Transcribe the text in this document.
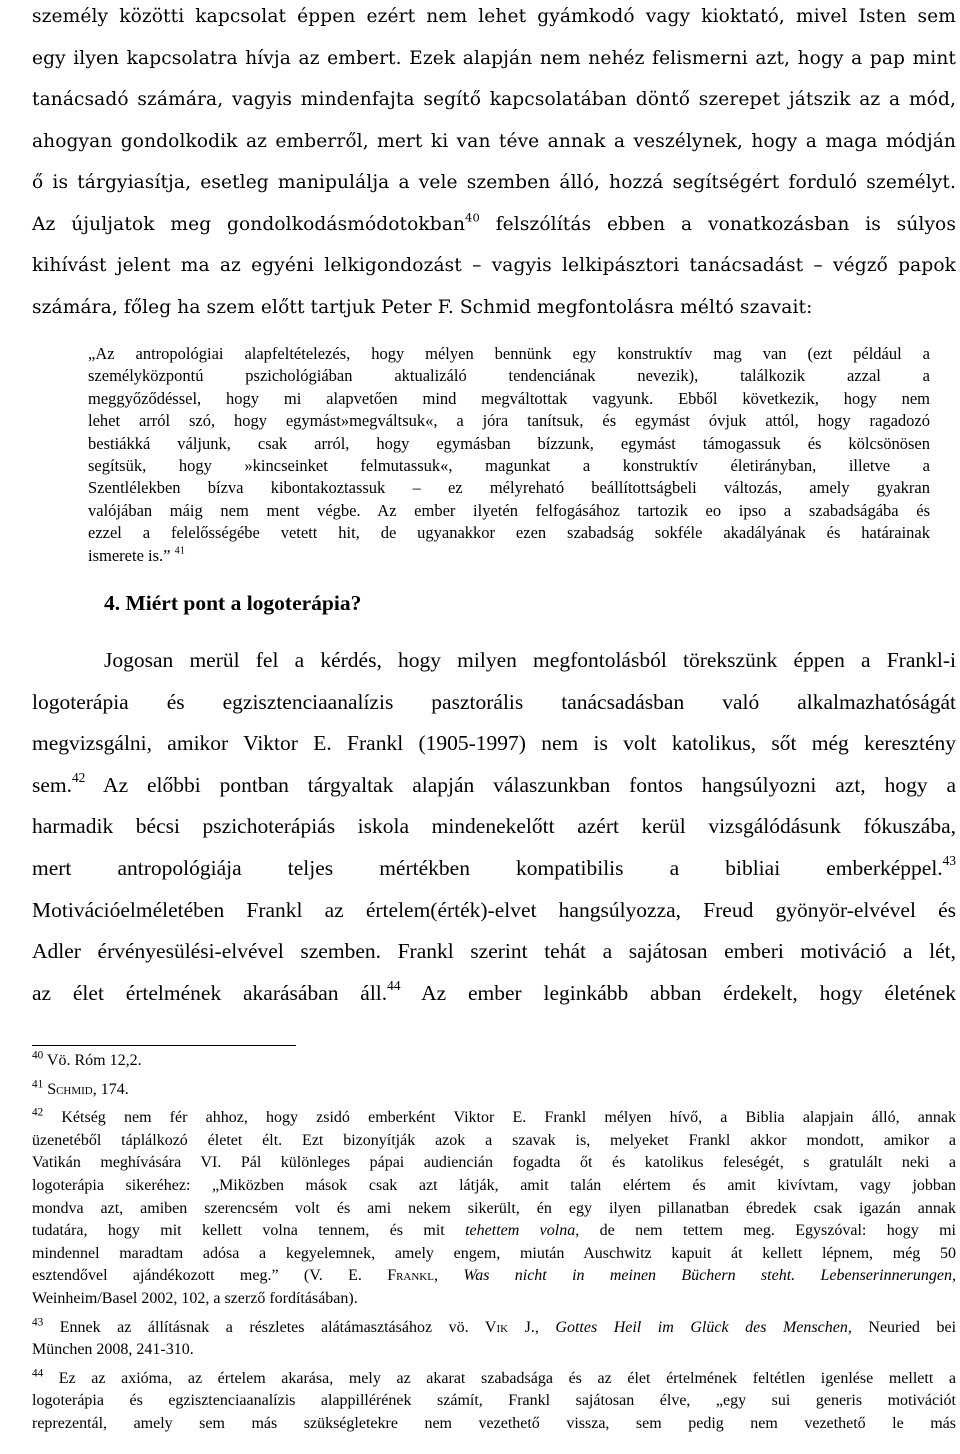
személy közötti kapcsolat éppen ezért nem lehet gyámkodó vagy kioktató, mivel Isten sem
egy ilyen kapcsolatra hívja az embert. Ezek alapján nem nehéz felismerni azt, hogy a pap mint
tanácsadó számára, vagyis mindenfajta segítő kapcsolatában döntő szerepet játszik az a mód,
ahogyan gondolkodik az emberről, mert ki van téve annak a veszélynek, hogy a maga módján
ő is tárgyiasítja, esetleg manipulálja a vele szemben álló, hozzá segítségért forduló személyt.
Az újuljatok meg gondolkodásmódotokban$^{40}$ felszólítás ebben a vonatkozásban is súlyos
kihívást jelent ma az egyéni lelkigondozást – vagyis lelkipásztori tanácsadást – végző papok
számára, főleg ha szem előtt tartjuk Peter F. Schmid megfontolásra méltó szavait:
„Az antropológiai alapfeltételezés, hogy mélyen bennünk egy konstruktív mag van (ezt például a
személyközpontú pszichológiában aktualizáló tendenciának nevezik), találkozik azzal a
meggyőződéssel, hogy mi alapvetően mind megváltottak vagyunk. Ebből következik, hogy nem
lehet arról szó, hogy egymást»megváltsuk«, a jóra tanítsuk, és egymást óvjuk attól, hogy ragadozó
bestiákká váljunk, csak arról, hogy egymásban bízzunk, egymást támogassuk és kölcsönösen
segítsük, hogy »kincseinket felmutassuk«, magunkat a konstruktív életirányban, illetve a
Szentlélekben bízva kibontakoztassuk – ez mélyreható beállítottságbeli változás, amely gyakran
valójában máig nem ment végbe. Az ember ilyetén felfogásához tartozik eo ipso a szabadságába és
ezzel a felelősségébe vetett hit, de ugyanakkor ezen szabadság sokféle akadályának és határainak
ismerete is.” $^{41}$
4. Miért pont a logoterápia?
Jogosan merül fel a kérdés, hogy milyen megfontolásból törekszünk éppen a Frankl-i
logoterápia és egzisztenciaanalízis pasztorális tanácsadásban való alkalmazhatóságát
megvizsgálni, amikor Viktor E. Frankl (1905-1997) nem is volt katolikus, sőt még keresztény
sem.$^{42}$ Az előbbi pontban tárgyaltak alapján válaszunkban fontos hangsúlyozni azt, hogy a
harmadik bécsi pszichoterápiás iskola mindenekelőtt azért kerül vizsgálódásunk fókuszába,
mert antropológiája teljes mértékben kompatibilis a bibliai emberképpel.$^{43}$
Motivációelméletében Frankl az értelem(érték)-elvet hangsúlyozza, Freud gyönyör-elvével és
Adler érvényesülési-elvével szemben. Frankl szerint tehát a sajátosan emberi motiváció a lét,
az élet értelmének akarásában áll.$^{44}$ Az ember leginkább abban érdekelt, hogy életének
$^{40}$ Vö. Róm 12,2.
$^{41}$ Schmid, 174.
$^{42}$ Kétség nem fér ahhoz, hogy zsidó emberként Viktor E. Frankl mélyen hívő, a Biblia alapjain álló, annak
üzenetéből táplálkozó életet élt. Ezt bizonyítják azok a szavak is, melyeket Frankl akkor mondott, amikor a
Vatikán meghívására VI. Pál különleges pápai audiencián fogadta őt és katolikus feleségét, s gratulált neki a
logoterápia sikeréhez: „Miközben mások csak azt látják, amit talán elértem és amit kivívtam, vagy jobban
mondva azt, amiben szerencsém volt és ami nekem sikerült, én egy ilyen pillanatban ébredek csak igazán annak
tudatára, hogy mit kellett volna tennem, és mit tehettem volna, de nem tettem meg. Egyszóval: hogy mi
mindennel maradtam adósa a kegyelemnek, amely engem, miután Auschwitz kapuit át kellett lépnem, még 50
esztendővel ajándékozott meg.” (V. E. Frankl, Was nicht in meinen Büchern steht. Lebenserinnerungen,
Weinheim/Basel 2002, 102, a szerző fordításában).
$^{43}$ Ennek az állításnak a részletes alátámasztásához vö. Vik J., Gottes Heil im Glück des Menschen, Neuried bei
München 2008, 241-310.
$^{44}$ Ez az axióma, az értelem akarása, mely az akarat szabadsága és az élet értelmének feltétlen igenlése mellett a
logoterápia és egzisztenciaanalízis alappillérének számít, Frankl sajátosan élve, „egy sui generis motivációt
reprezentál, amely sem más szükségletekre nem vezethető vissza, sem pedig nem vezethető le más
